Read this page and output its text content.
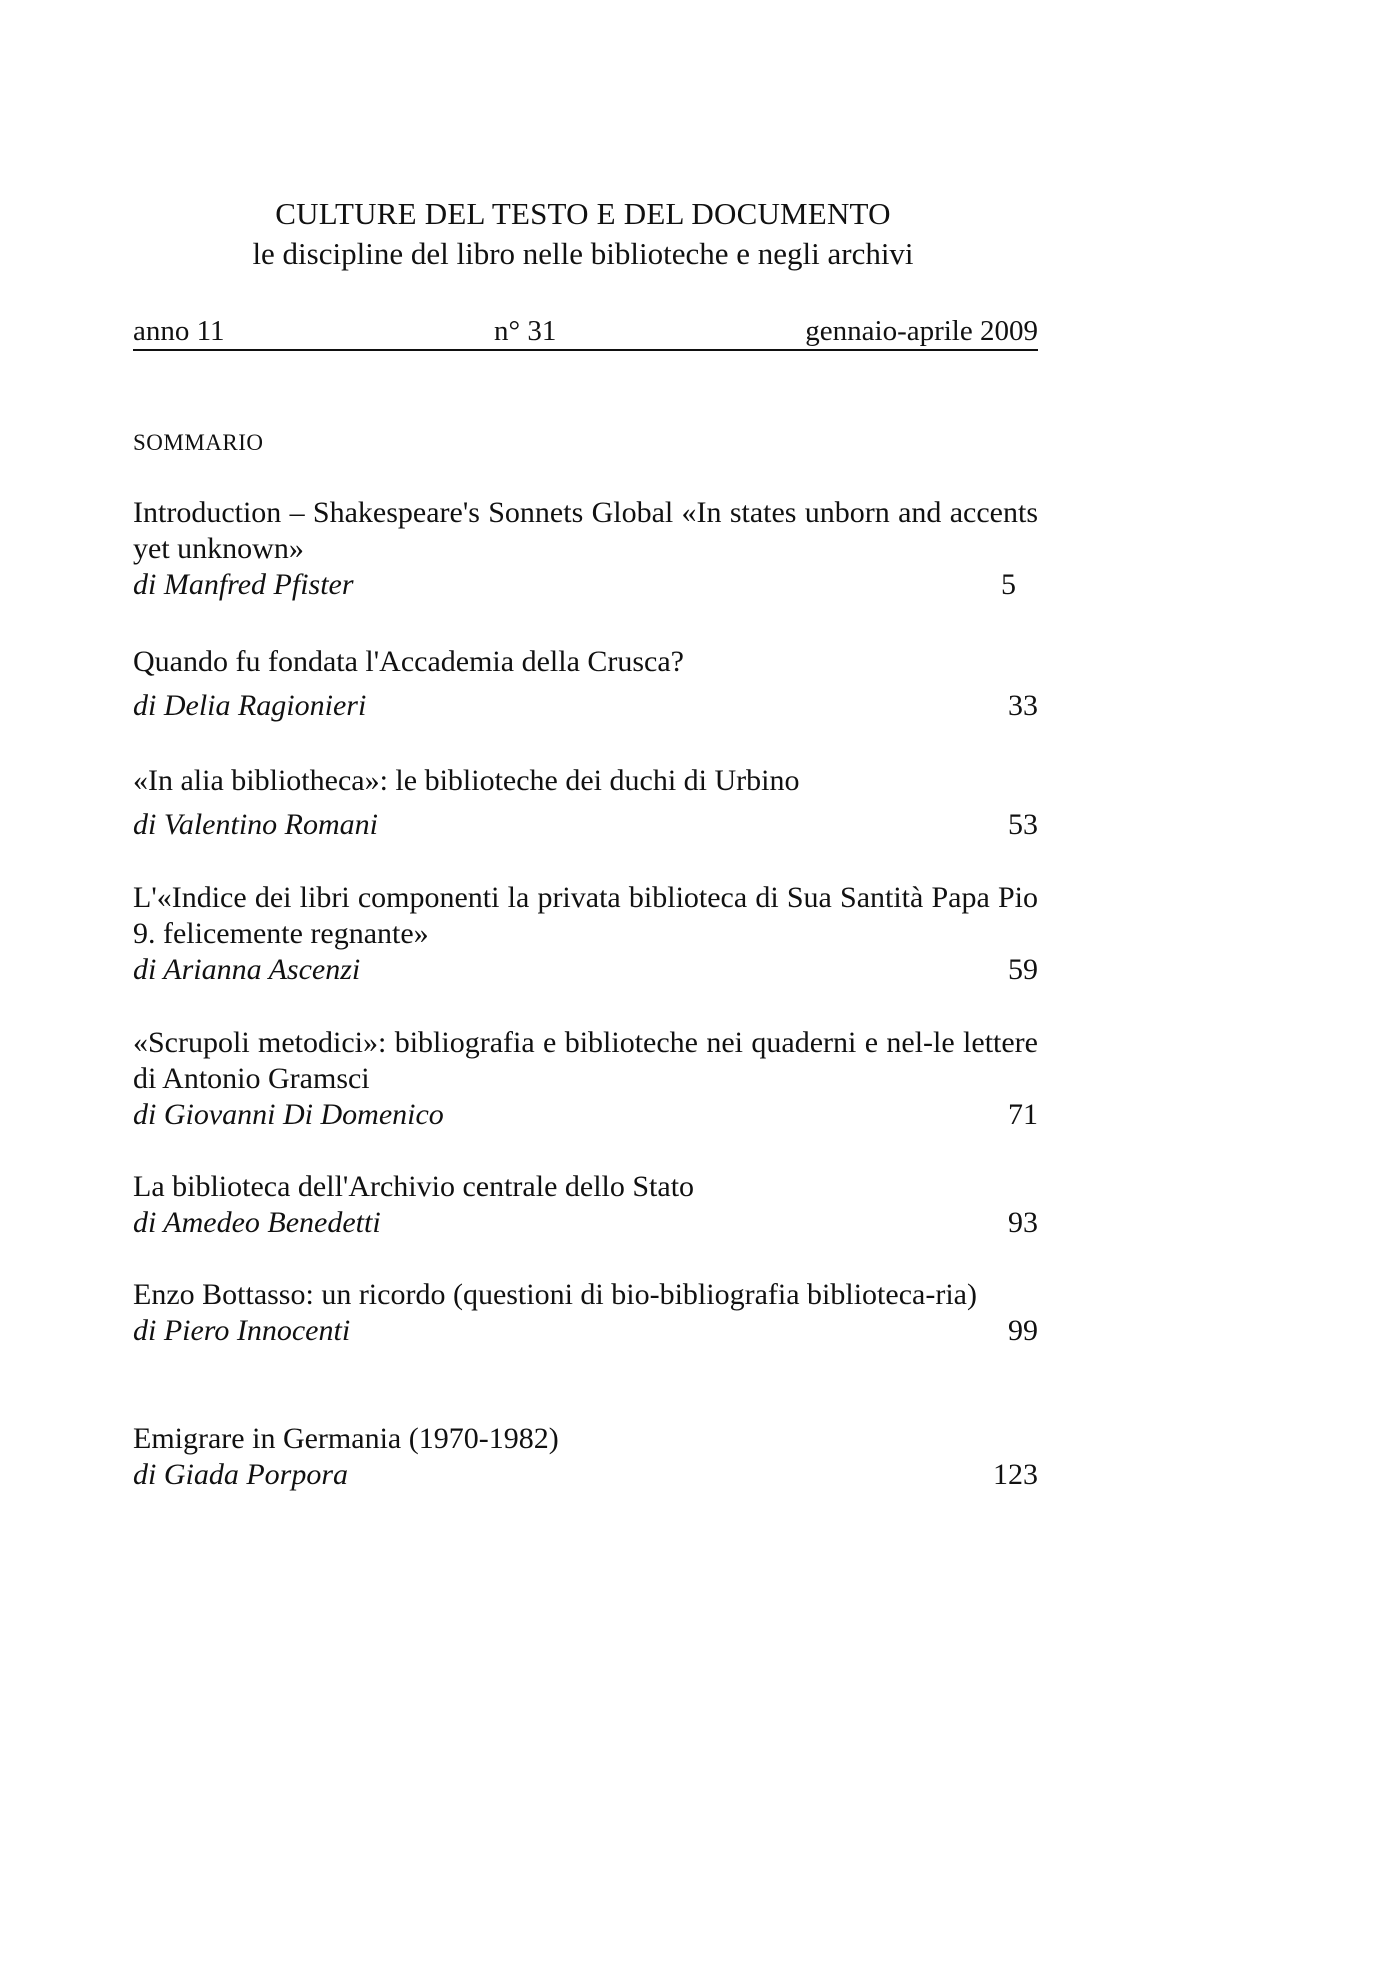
CULTURE DEL TESTO E DEL DOCUMENTO
le discipline del libro nelle biblioteche e negli archivi
anno 11	n° 31	gennaio-aprile 2009
SOMMARIO
Introduction – Shakespeare's Sonnets Global «In states unborn and accents yet unknown»
di Manfred Pfister	5
Quando fu fondata l'Accademia della Crusca?
di Delia Ragionieri	33
«In alia bibliotheca»: le biblioteche dei duchi di Urbino
di Valentino Romani	53
L'«Indice dei libri componenti la privata biblioteca di Sua Santità Papa Pio 9. felicemente regnante»
di Arianna Ascenzi	59
«Scrupoli metodici»: bibliografia e biblioteche nei quaderni e nel-le lettere di Antonio Gramsci
di Giovanni Di Domenico	71
La biblioteca dell'Archivio centrale dello Stato
di Amedeo Benedetti	93
Enzo Bottasso: un ricordo (questioni di bio-bibliografia biblioteca-ria)
di Piero Innocenti	99
Emigrare in Germania (1970-1982)
di Giada Porpora	123
